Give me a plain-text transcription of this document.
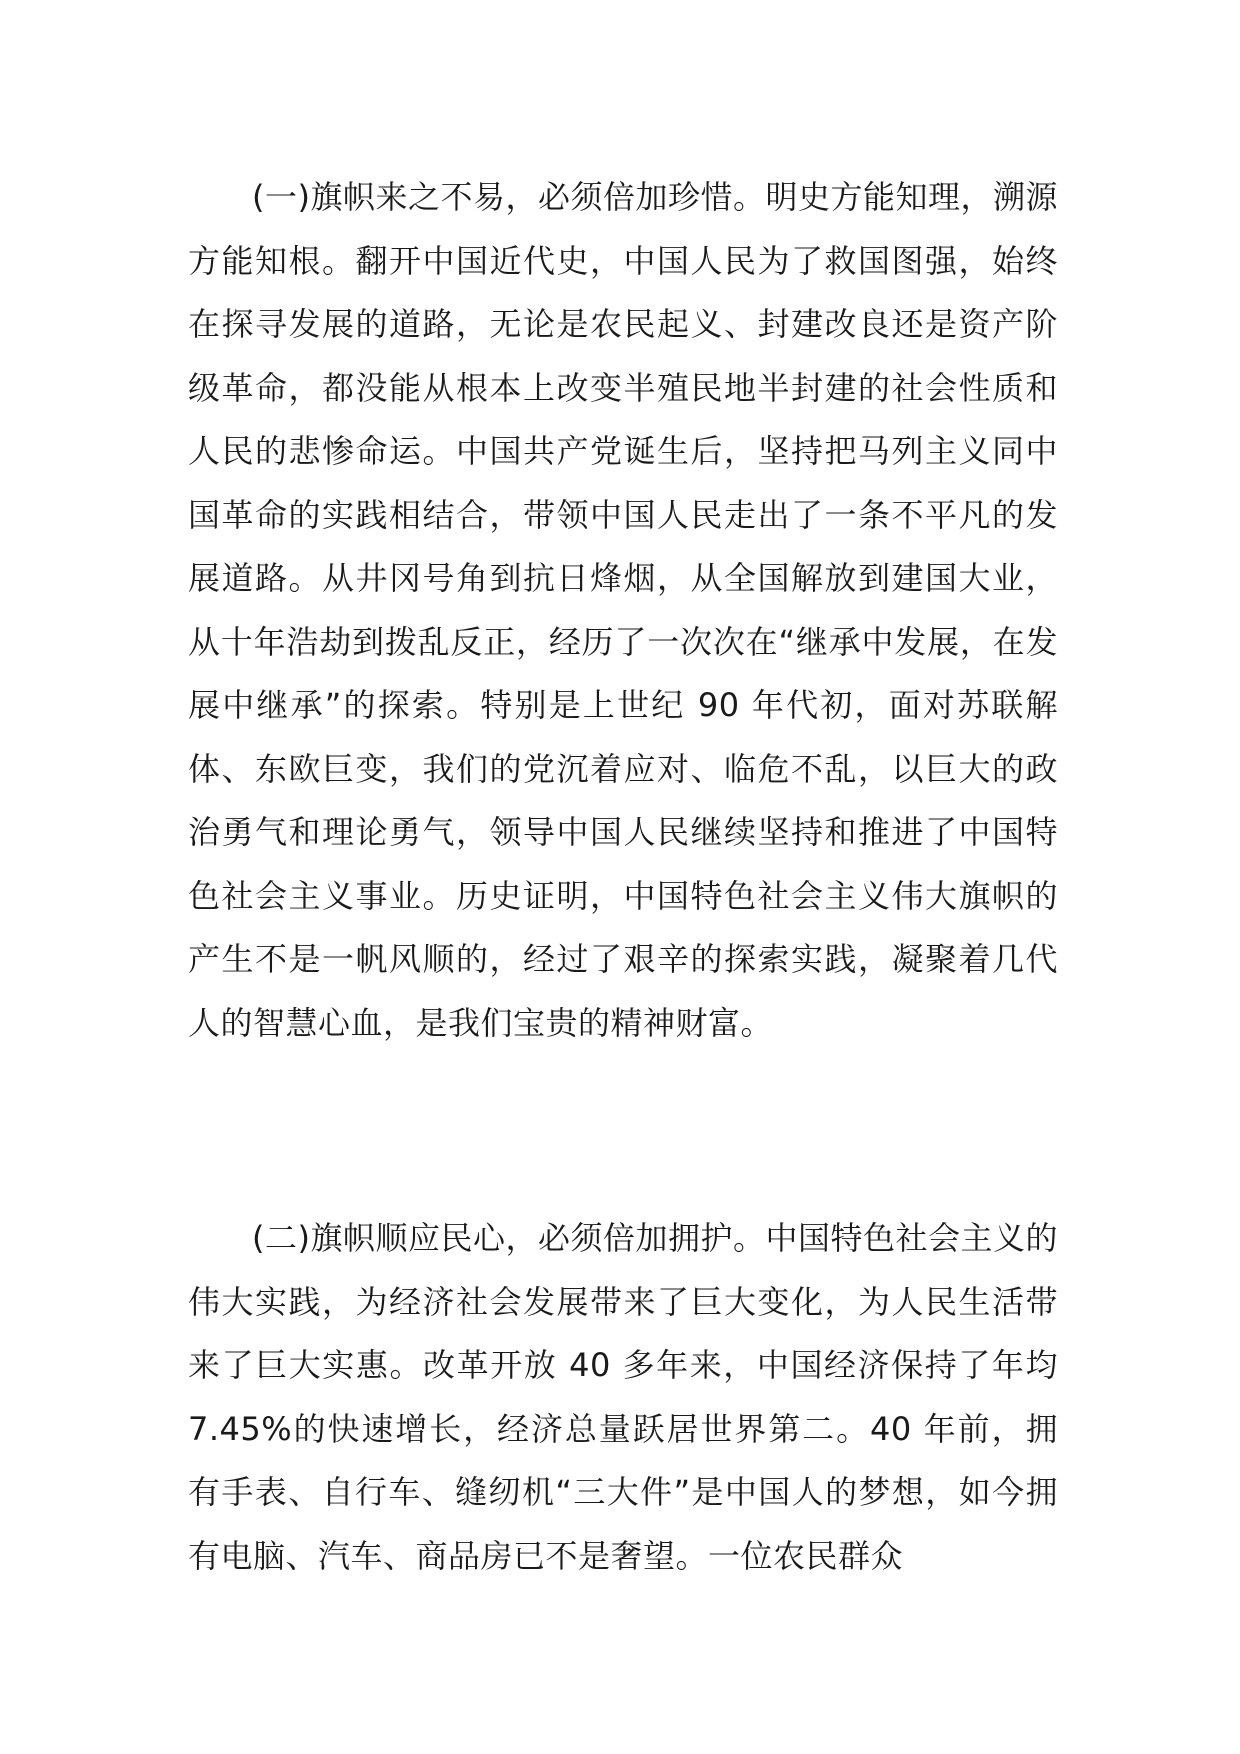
(一)旗帜来之不易，必须倍加珍惜。明史方能知理，溯源方能知根。翻开中国近代史，中国人民为了救国图强，始终在探寻发展的道路，无论是农民起义、封建改良还是资产阶级革命，都没能从根本上改变半殖民地半封建的社会性质和人民的悲惨命运。中国共产党诞生后，坚持把马列主义同中国革命的实践相结合，带领中国人民走出了一条不平凡的发展道路。从井冈号角到抗日烽烟，从全国解放到建国大业，从十年浩劫到拨乱反正，经历了一次次在“继承中发展，在发展中继承”的探索。特别是上世纪 90 年代初，面对苏联解体、东欧巨变，我们的党沉着应对、临危不乱，以巨大的政治勇气和理论勇气，领导中国人民继续坚持和推进了中国特色社会主义事业。历史证明，中国特色社会主义伟大旗帜的产生不是一帆风顺的，经过了艰辛的探索实践，凝聚着几代人的智慧心血，是我们宝贵的精神财富。

(二)旗帜顺应民心，必须倍加拥护。中国特色社会主义的伟大实践，为经济社会发展带来了巨大变化，为人民生活带来了巨大实惠。改革开放 40 多年来，中国经济保持了年均 7.45%的快速增长，经济总量跃居世界第二。40 年前，拥有手表、自行车、缝纫机“三大件”是中国人的梦想，如今拥有电脑、汽车、商品房已不是奢望。一位农民群众
